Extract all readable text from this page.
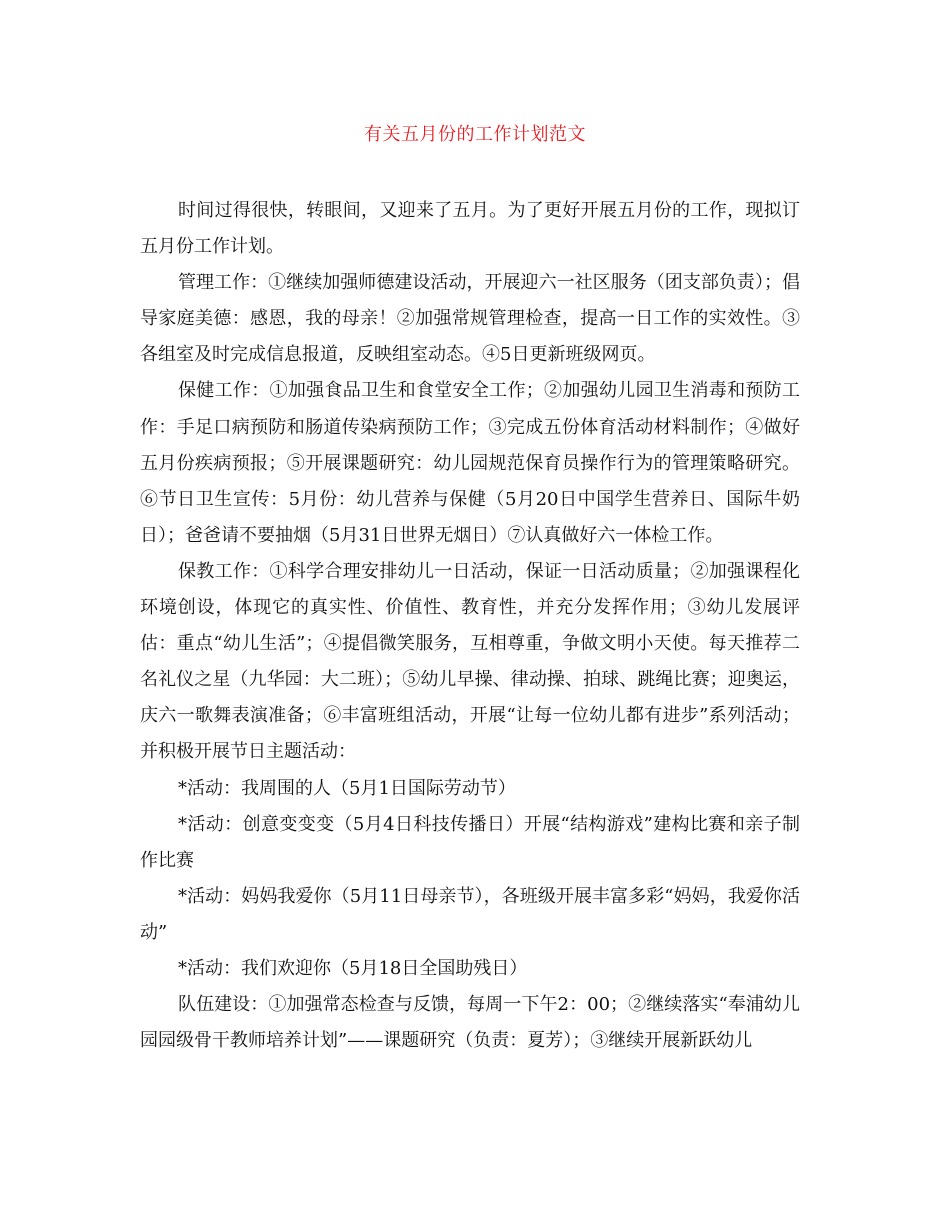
有关五月份的工作计划范文

时间过得很快，转眼间，又迎来了五月。为了更好开展五月份的工作，现拟订五月份工作计划。

管理工作：①继续加强师德建设活动，开展迎六一社区服务（团支部负责）；倡导家庭美德：感恩，我的母亲！②加强常规管理检查，提高一日工作的实效性。③各组室及时完成信息报道，反映组室动态。④5日更新班级网页。

保健工作：①加强食品卫生和食堂安全工作；②加强幼儿园卫生消毒和预防工作：手足口病预防和肠道传染病预防工作；③完成五份体育活动材料制作；④做好五月份疾病预报；⑤开展课题研究：幼儿园规范保育员操作行为的管理策略研究。⑥节日卫生宣传：5月份：幼儿营养与保健（5月20日中国学生营养日、国际牛奶日）；爸爸请不要抽烟（5月31日世界无烟日）⑦认真做好六一体检工作。

保教工作：①科学合理安排幼儿一日活动，保证一日活动质量；②加强课程化环境创设，体现它的真实性、价值性、教育性，并充分发挥作用；③幼儿发展评估：重点“幼儿生活”；④提倡微笑服务，互相尊重，争做文明小天使。每天推荐二名礼仪之星（九华园：大二班）；⑤幼儿早操、律动操、拍球、跳绳比赛；迎奥运，庆六一歌舞表演准备；⑥丰富班组活动，开展“让每一位幼儿都有进步”系列活动；并积极开展节日主题活动：

*活动：我周围的人（5月1日国际劳动节）

*活动：创意变变变（5月4日科技传播日）开展“结构游戏”建构比赛和亲子制作比赛

*活动：妈妈我爱你（5月11日母亲节），各班级开展丰富多彩“妈妈，我爱你活动”

*活动：我们欢迎你（5月18日全国助残日）

队伍建设：①加强常态检查与反馈，每周一下午2：00；②继续落实“奉浦幼儿园园级骨干教师培养计划”——课题研究（负责：夏芳）；③继续开展新跃幼儿
